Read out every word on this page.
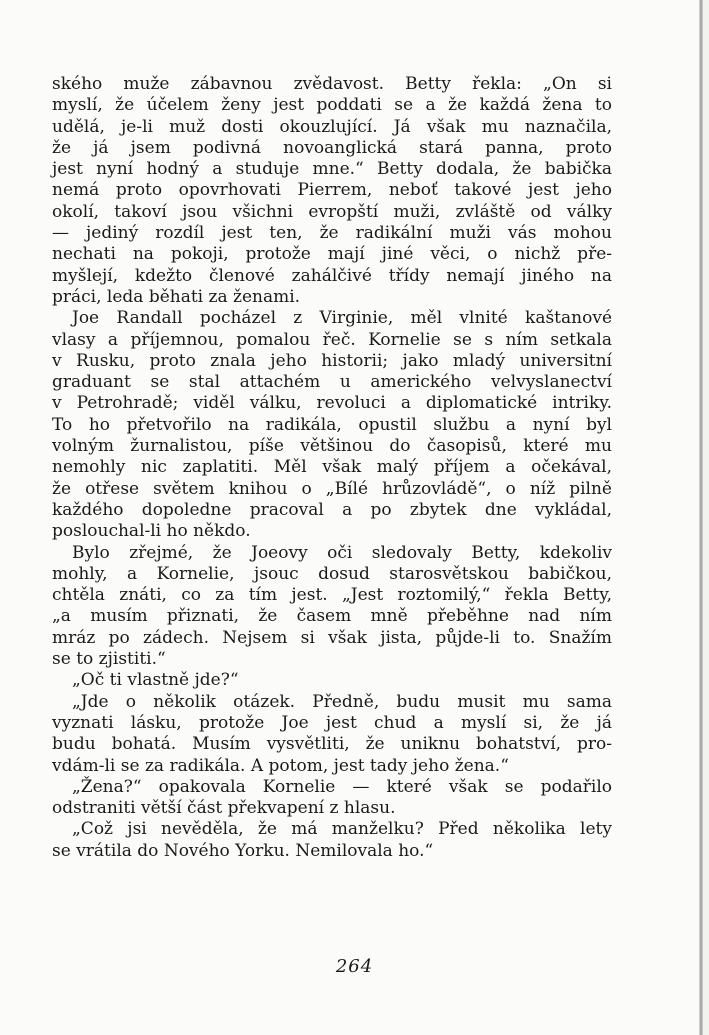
ského muže zábavnou zvědavost. Betty řekla: „On si
myslí, že účelem ženy jest poddati se a že každá žena to
udělá, je-li muž dosti okouzlující. Já však mu naznačila,
že já jsem podivná novoanglická stará panna, proto
jest nyní hodný a studuje mne.“ Betty dodala, že babička
nemá proto opovrhovati Pierrem, neboť takové jest jeho
okolí, takoví jsou všichni evropští muži, zvláště od války
— jediný rozdíl jest ten, že radikální muži vás mohou
nechati na pokoji, protože mají jiné věci, o nichž pře-
myšlejí, kdežto členové zahálčivé třídy nemají jiného na
práci, leda běhati za ženami.
Joe Randall pocházel z Virginie, měl vlnité kaštanové
vlasy a příjemnou, pomalou řeč. Kornelie se s ním setkala
v Rusku, proto znala jeho historii; jako mladý universitní
graduant se stal attachém u amerického velvyslanectví
v Petrohradě; viděl válku, revoluci a diplomatické intriky.
To ho přetvořilo na radikála, opustil službu a nyní byl
volným žurnalistou, píše většinou do časopisů, které mu
nemohly nic zaplatiti. Měl však malý příjem a očekával,
že otřese světem knihou o „Bílé hrůzovládě“, o níž pilně
každého dopoledne pracoval a po zbytek dne vykládal,
poslouchal-li ho někdo.
Bylo zřejmé, že Joeovy oči sledovaly Betty, kdekoliv
mohly, a Kornelie, jsouc dosud starosvětskou babičkou,
chtěla znáti, co za tím jest. „Jest roztomilý,“ řekla Betty,
„a musím přiznati, že časem mně přeběhne nad ním
mráz po zádech. Nejsem si však jista, půjde-li to. Snažím
se to zjistiti.“
„Oč ti vlastně jde?“
„Jde o několik otázek. Předně, budu musit mu sama
vyznati lásku, protože Joe jest chud a myslí si, že já
budu bohatá. Musím vysvětliti, že uniknu bohatství, pro-
vdám-li se za radikála. A potom, jest tady jeho žena.“
„Žena?“ opakovala Kornelie — které však se podařilo
odstraniti větší část překvapení z hlasu.
„Což jsi nevěděla, že má manželku? Před několika lety
se vrátila do Nového Yorku. Nemilovala ho.“
264
